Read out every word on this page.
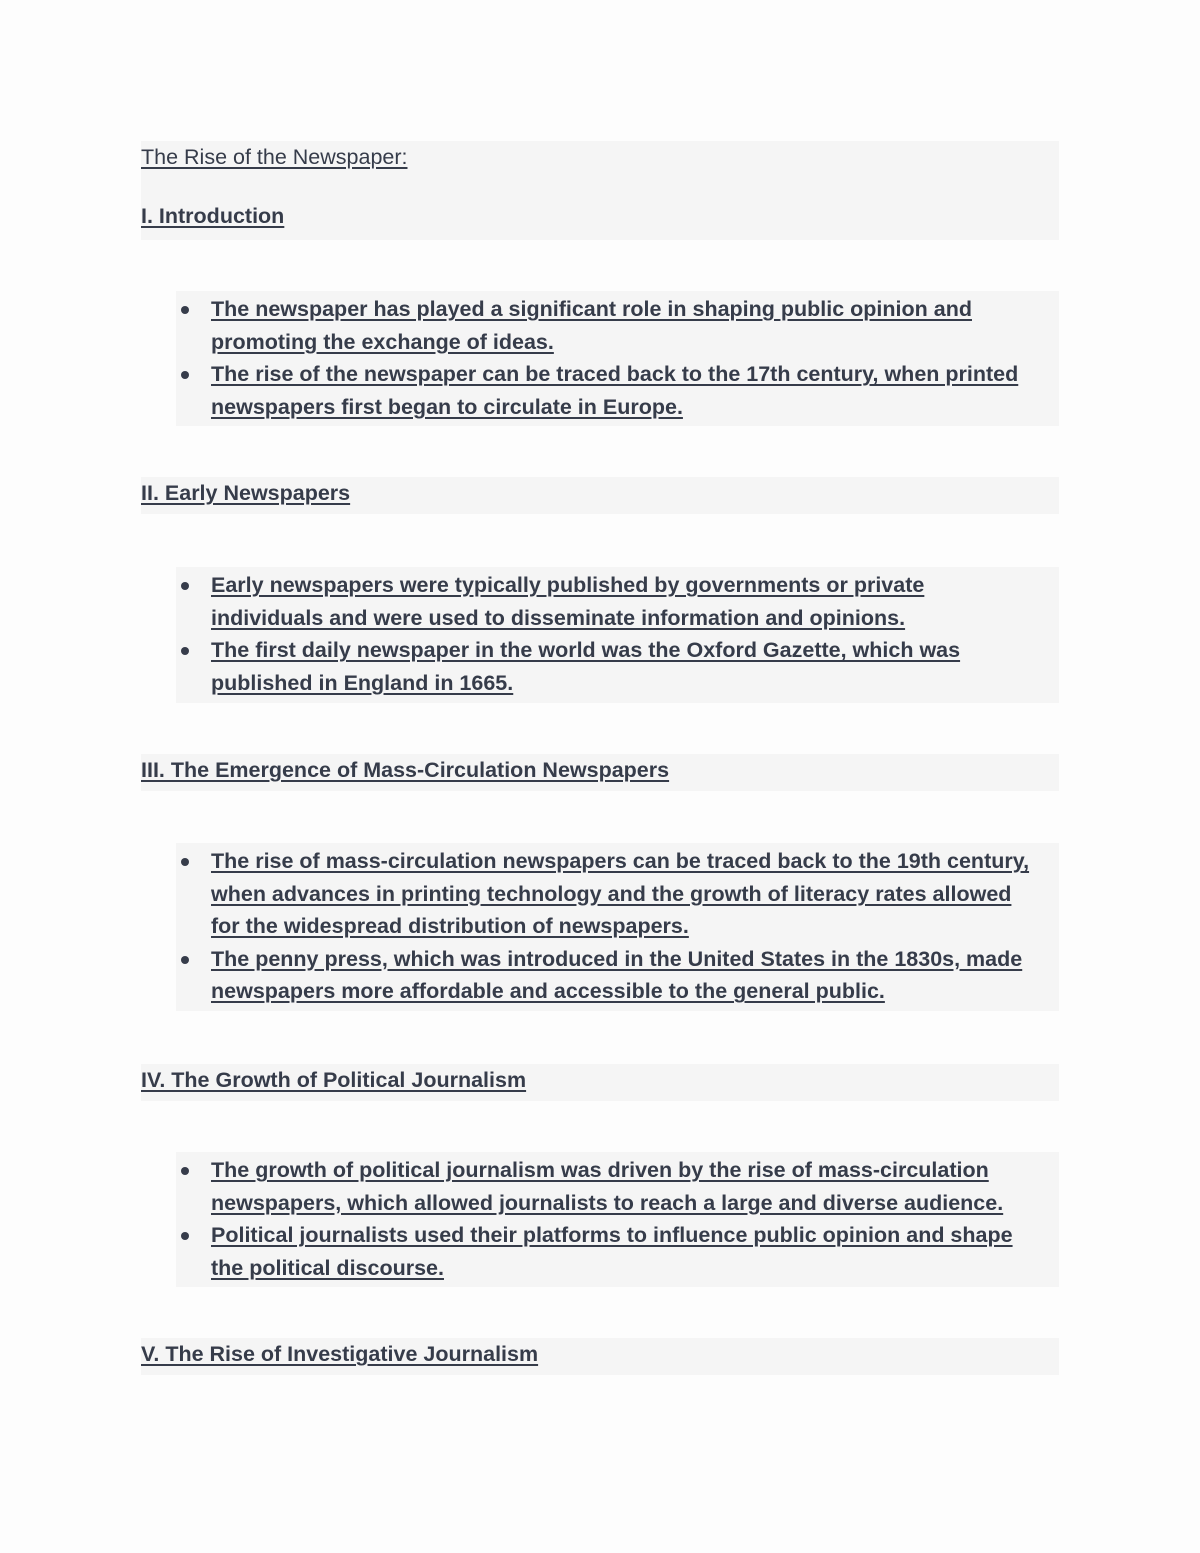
The Rise of the Newspaper:
I. Introduction
The newspaper has played a significant role in shaping public opinion and
promoting the exchange of ideas.
The rise of the newspaper can be traced back to the 17th century, when printed
newspapers first began to circulate in Europe.
II. Early Newspapers
Early newspapers were typically published by governments or private
individuals and were used to disseminate information and opinions.
The first daily newspaper in the world was the Oxford Gazette, which was
published in England in 1665.
III. The Emergence of Mass-Circulation Newspapers
The rise of mass-circulation newspapers can be traced back to the 19th century,
when advances in printing technology and the growth of literacy rates allowed
for the widespread distribution of newspapers.
The penny press, which was introduced in the United States in the 1830s, made
newspapers more affordable and accessible to the general public.
IV. The Growth of Political Journalism
The growth of political journalism was driven by the rise of mass-circulation
newspapers, which allowed journalists to reach a large and diverse audience.
Political journalists used their platforms to influence public opinion and shape
the political discourse.
V. The Rise of Investigative Journalism
